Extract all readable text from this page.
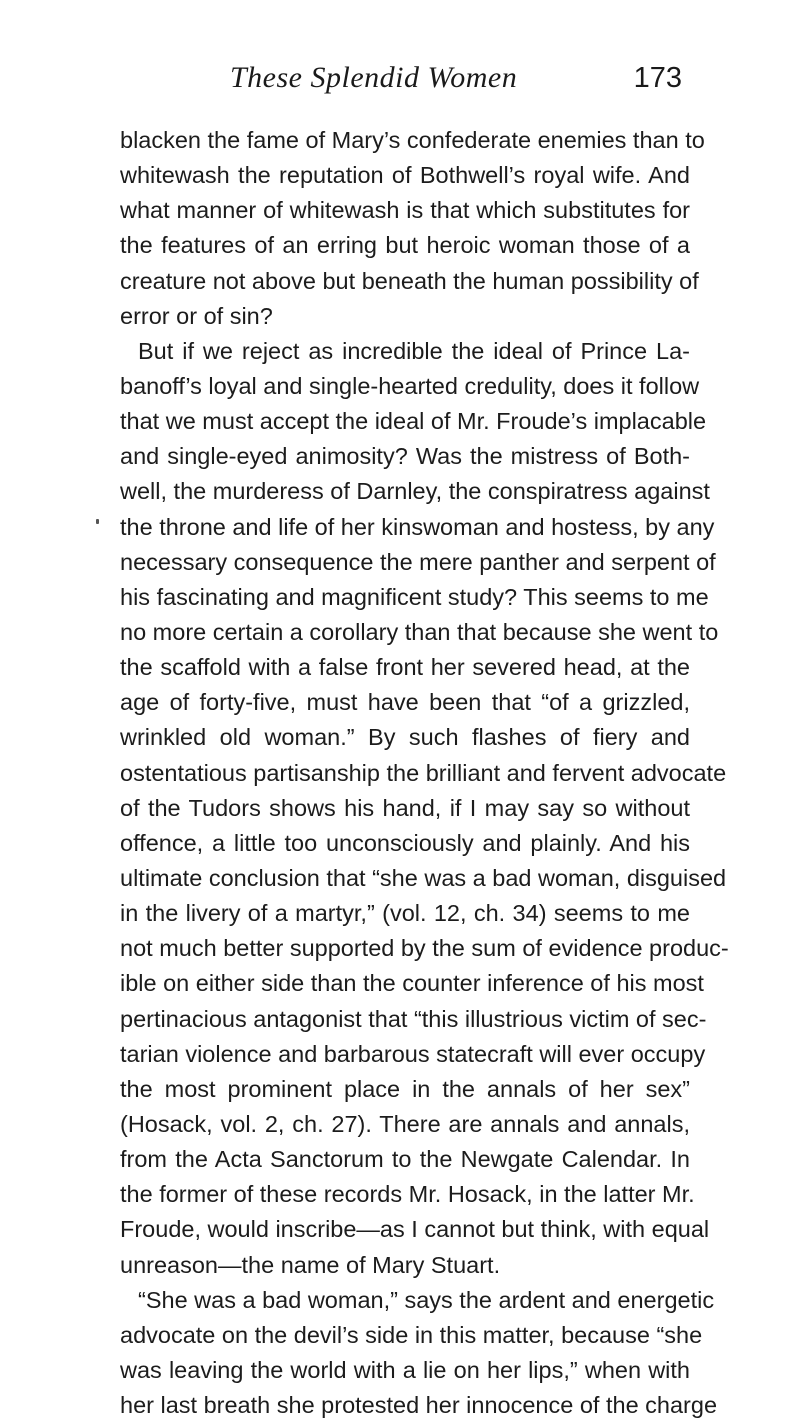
These Splendid Women	173
blacken the fame of Mary’s confederate enemies than to
whitewash the reputation of Bothwell’s royal wife. And
what manner of whitewash is that which substitutes for
the features of an erring but heroic woman those of a
creature not above but beneath the human possibility of
error or of sin?
But if we reject as incredible the ideal of Prince La-
banoff’s loyal and single-hearted credulity, does it follow
that we must accept the ideal of Mr. Froude’s implacable
and single-eyed animosity? Was the mistress of Both-
well, the murderess of Darnley, the conspiratress against
the throne and life of her kinswoman and hostess, by any
necessary consequence the mere panther and serpent of
his fascinating and magnificent study? This seems to me
no more certain a corollary than that because she went to
the scaffold with a false front her severed head, at the
age of forty-five, must have been that “of a grizzled,
wrinkled old woman.” By such flashes of fiery and
ostentatious partisanship the brilliant and fervent advocate
of the Tudors shows his hand, if I may say so without
offence, a little too unconsciously and plainly. And his
ultimate conclusion that “she was a bad woman, disguised
in the livery of a martyr,” (vol. 12, ch. 34) seems to me
not much better supported by the sum of evidence produc-
ible on either side than the counter inference of his most
pertinacious antagonist that “this illustrious victim of sec-
tarian violence and barbarous statecraft will ever occupy
the most prominent place in the annals of her sex”
(Hosack, vol. 2, ch. 27). There are annals and annals,
from the Acta Sanctorum to the Newgate Calendar. In
the former of these records Mr. Hosack, in the latter Mr.
Froude, would inscribe—as I cannot but think, with equal
unreason—the name of Mary Stuart.
“She was a bad woman,” says the ardent and energetic
advocate on the devil’s side in this matter, because “she
was leaving the world with a lie on her lips,” when with
her last breath she protested her innocence of the charge
